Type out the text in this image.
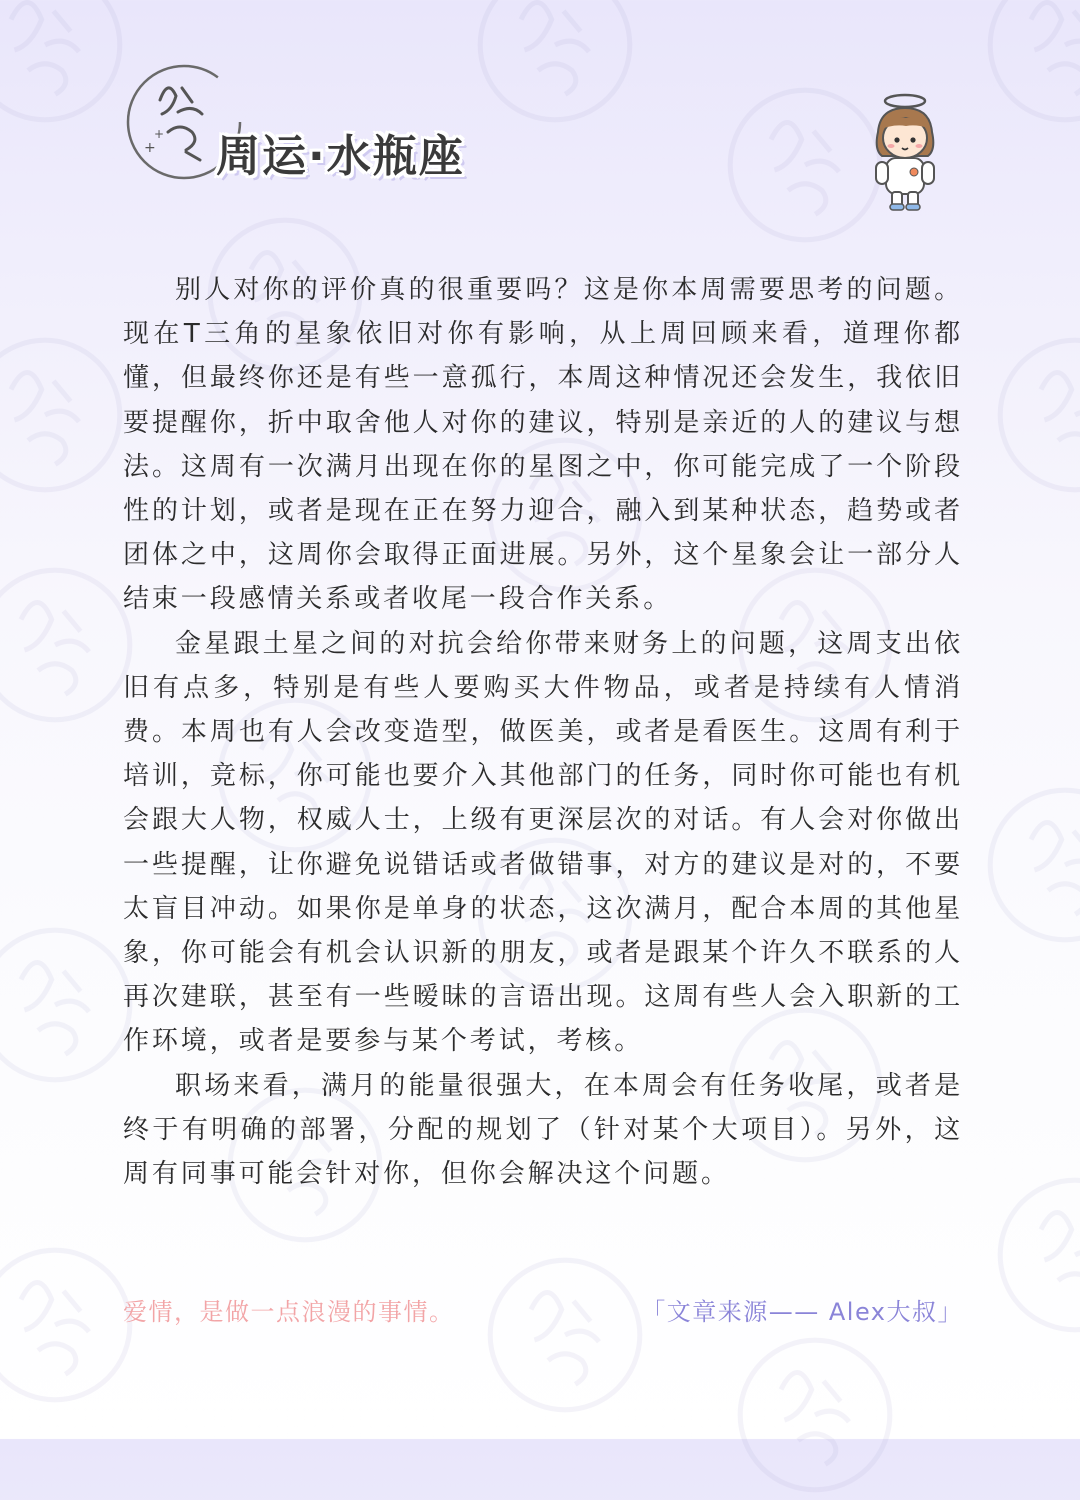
+
+ 周运·水瓶座

别人对你的评价真的很重要吗？这是你本周需要思考的问题。现在T三角的星象依旧对你有影响，从上周回顾来看，道理你都懂，但最终你还是有些一意孤行，本周这种情况还会发生，我依旧要提醒你，折中取舍他人对你的建议，特别是亲近的人的建议与想法。这周有一次满月出现在你的星图之中，你可能完成了一个阶段性的计划，或者是现在正在努力迎合，融入到某种状态，趋势或者团体之中，这周你会取得正面进展。另外，这个星象会让一部分人结束一段感情关系或者收尾一段合作关系。

金星跟土星之间的对抗会给你带来财务上的问题，这周支出依旧有点多，特别是有些人要购买大件物品，或者是持续有人情消费。本周也有人会改变造型，做医美，或者是看医生。这周有利于培训，竞标，你可能也要介入其他部门的任务，同时你可能也有机会跟大人物，权威人士，上级有更深层次的对话。有人会对你做出一些提醒，让你避免说错话或者做错事，对方的建议是对的，不要太盲目冲动。如果你是单身的状态，这次满月，配合本周的其他星象，你可能会有机会认识新的朋友，或者是跟某个许久不联系的人再次建联，甚至有一些暧昧的言语出现。这周有些人会入职新的工作环境，或者是要参与某个考试，考核。

职场来看，满月的能量很强大，在本周会有任务收尾，或者是终于有明确的部署，分配的规划了（针对某个大项目）。另外，这周有同事可能会针对你，但你会解决这个问题。

爱情，是做一点浪漫的事情。	「文章来源—— Alex大叔」
